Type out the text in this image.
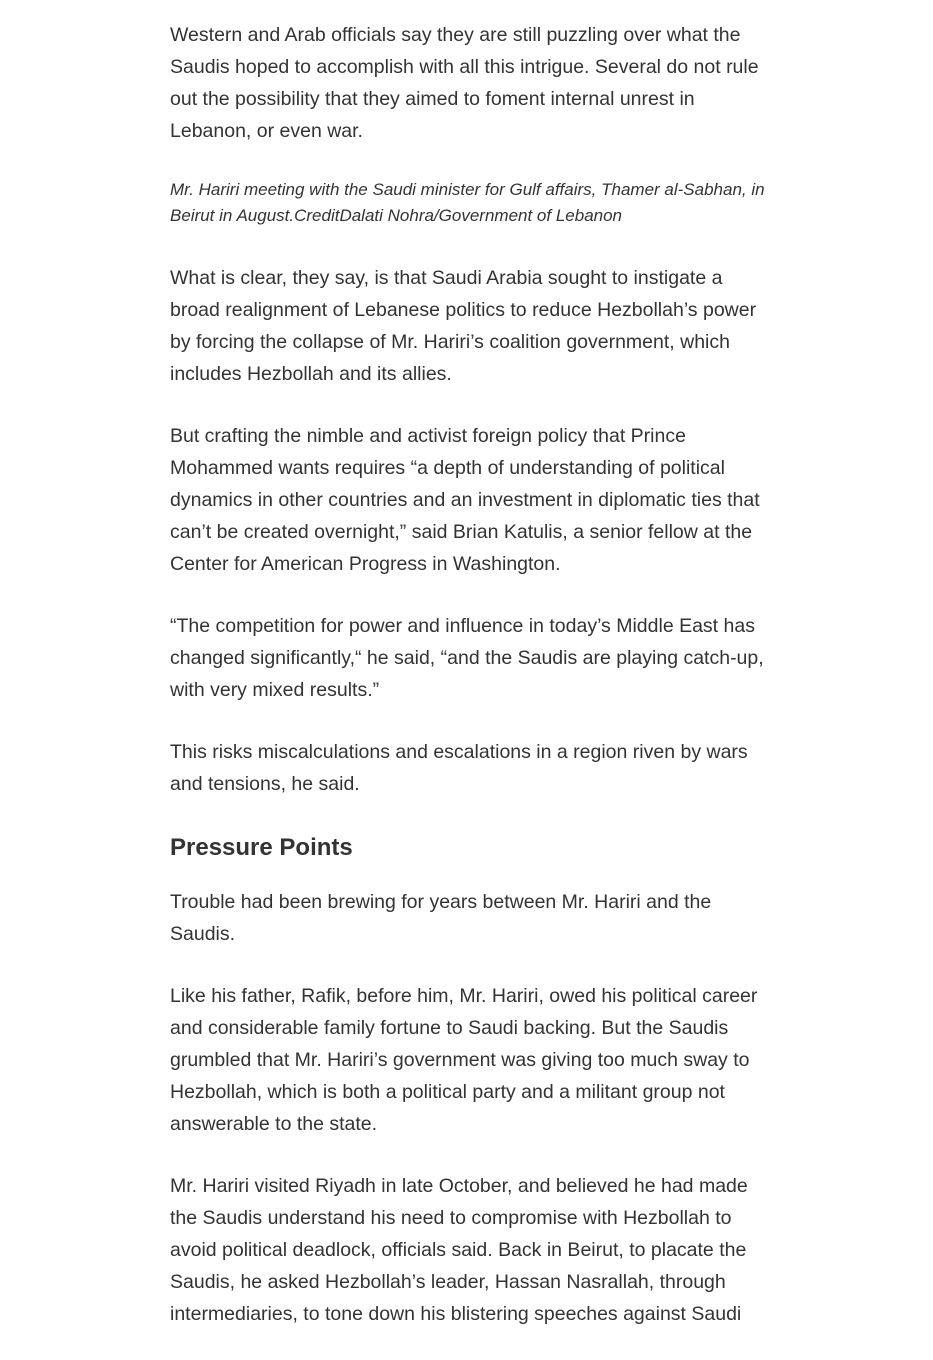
Western and Arab officials say they are still puzzling over what the Saudis hoped to accomplish with all this intrigue. Several do not rule out the possibility that they aimed to foment internal unrest in Lebanon, or even war.

Mr. Hariri meeting with the Saudi minister for Gulf affairs, Thamer al-Sabhan, in Beirut in August.CreditDalati Nohra/Government of Lebanon

What is clear, they say, is that Saudi Arabia sought to instigate a broad realignment of Lebanese politics to reduce Hezbollah’s power by forcing the collapse of Mr. Hariri’s coalition government, which includes Hezbollah and its allies.

But crafting the nimble and activist foreign policy that Prince Mohammed wants requires “a depth of understanding of political dynamics in other countries and an investment in diplomatic ties that can’t be created overnight,” said Brian Katulis, a senior fellow at the Center for American Progress in Washington.

“The competition for power and influence in today’s Middle East has changed significantly,“ he said, “and the Saudis are playing catch-up, with very mixed results.”

This risks miscalculations and escalations in a region riven by wars and tensions, he said.

Pressure Points

Trouble had been brewing for years between Mr. Hariri and the Saudis.

Like his father, Rafik, before him, Mr. Hariri, owed his political career and considerable family fortune to Saudi backing. But the Saudis grumbled that Mr. Hariri’s government was giving too much sway to Hezbollah, which is both a political party and a militant group not answerable to the state.

Mr. Hariri visited Riyadh in late October, and believed he had made the Saudis understand his need to compromise with Hezbollah to avoid political deadlock, officials said. Back in Beirut, to placate the Saudis, he asked Hezbollah’s leader, Hassan Nasrallah, through intermediaries, to tone down his blistering speeches against Saudi
